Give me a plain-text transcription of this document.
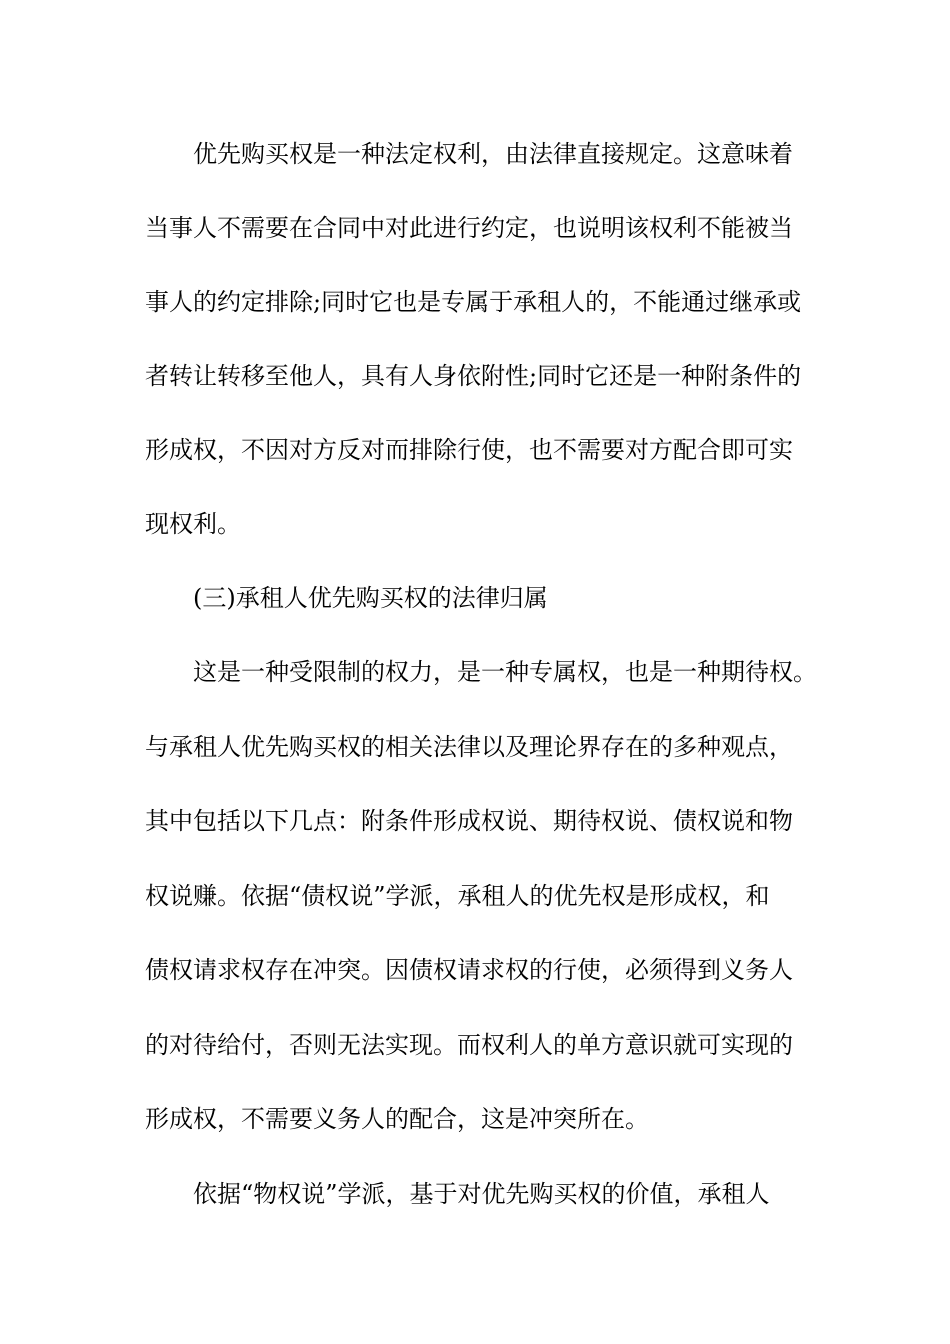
优先购买权是一种法定权利，由法律直接规定。这意味着
当事人不需要在合同中对此进行约定，也说明该权利不能被当
事人的约定排除;同时它也是专属于承租人的，不能通过继承或
者转让转移至他人，具有人身依附性;同时它还是一种附条件的
形成权，不因对方反对而排除行使，也不需要对方配合即可实
现权利。
(三)承租人优先购买权的法律归属
这是一种受限制的权力，是一种专属权，也是一种期待权。
与承租人优先购买权的相关法律以及理论界存在的多种观点，
其中包括以下几点：附条件形成权说、期待权说、债权说和物
权说赚。依据“债权说”学派，承租人的优先权是形成权，和
债权请求权存在冲突。因债权请求权的行使，必须得到义务人
的对待给付，否则无法实现。而权利人的单方意识就可实现的
形成权，不需要义务人的配合，这是冲突所在。
依据“物权说”学派，基于对优先购买权的价值，承租人
